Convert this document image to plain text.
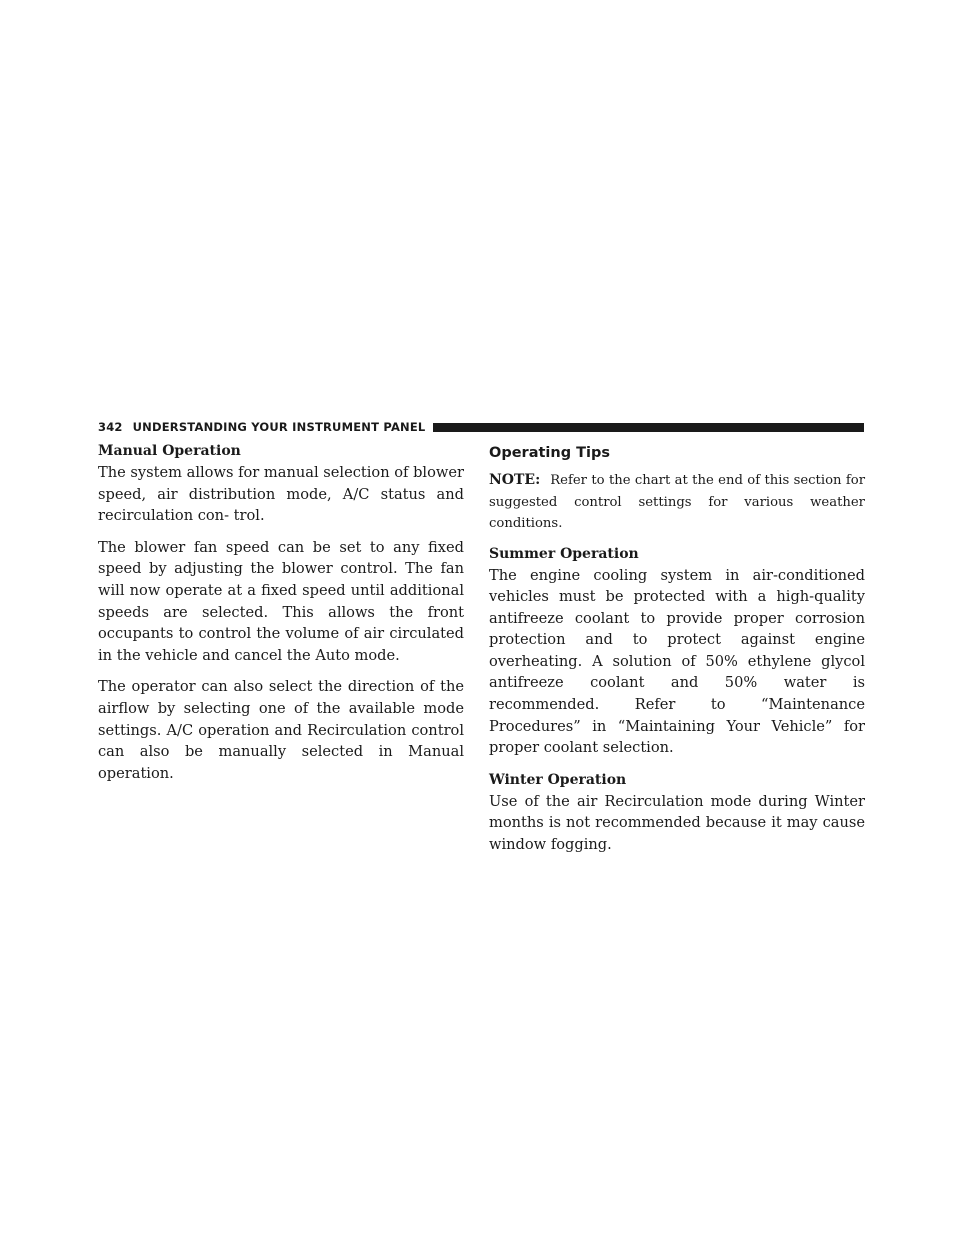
342 UNDERSTANDING YOUR INSTRUMENT PANEL
Manual Operation

The system allows for manual selection of blower speed, air distribution mode, A/C status and recirculation con- trol.

The blower fan speed can be set to any fixed speed by adjusting the blower control. The fan will now operate at a fixed speed until additional speeds are selected. This allows the front occupants to control the volume of air circulated in the vehicle and cancel the Auto mode.

The operator can also select the direction of the airflow by selecting one of the available mode settings. A/C operation and Recirculation control can also be manually selected in Manual operation.

Operating Tips

NOTE: Refer to the chart at the end of this section for suggested control settings for various weather conditions.

Summer Operation

The engine cooling system in air-conditioned vehicles must be protected with a high-quality antifreeze coolant to provide proper corrosion protection and to protect against engine overheating. A solution of 50% ethylene glycol antifreeze coolant and 50% water is recommended. Refer to “Maintenance Procedures” in “Maintaining Your Vehicle” for proper coolant selection.

Winter Operation

Use of the air Recirculation mode during Winter months is not recommended because it may cause window fogging.
